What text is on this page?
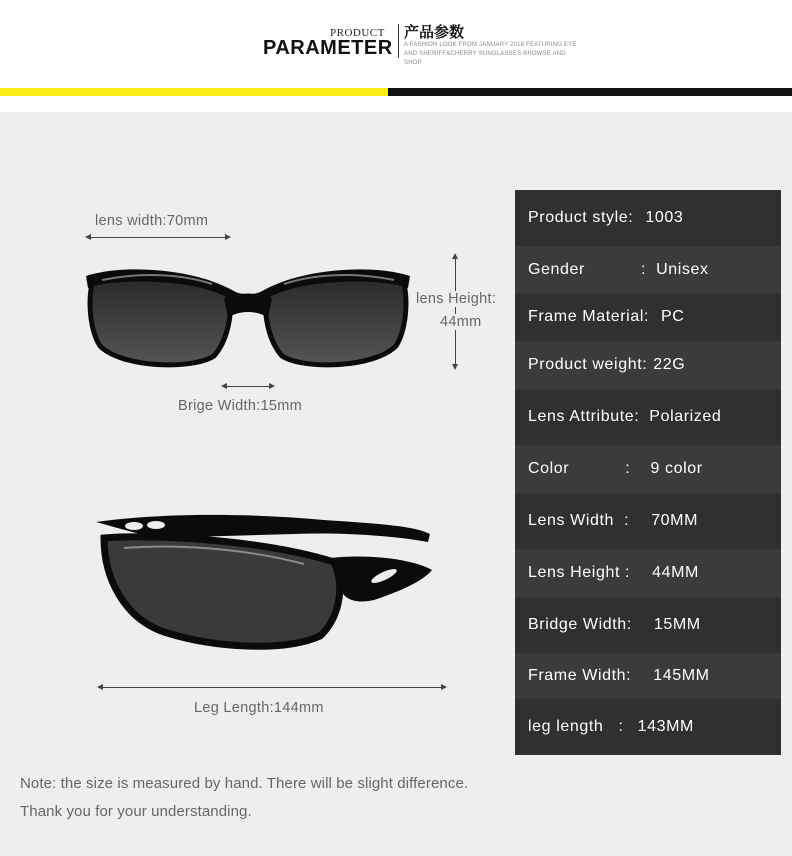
PRODUCT
PARAMETER
产品参数
A FASHION LOOK FROM JANUARY 2018 FEATURING EYE
AND SHERIFF&CHERRY SUNGLASSES BROWSE AND SHOP
lens width:70mm
lens Height:
44mm
Brige Width:15mm
Leg Length:144mm
Product style: 1003
Gender	:  Unisex
Frame Material: PC
Product weight: 22G
Lens Attribute: Polarized
Color	:    9 color
Lens Width  : 70MM
Lens Height : 44MM
Bridge Width: 15MM
Frame Width: 145MM
leg length   : 143MM
Note: the size is measured by hand. There will be slight difference.
Thank you for your understanding.
